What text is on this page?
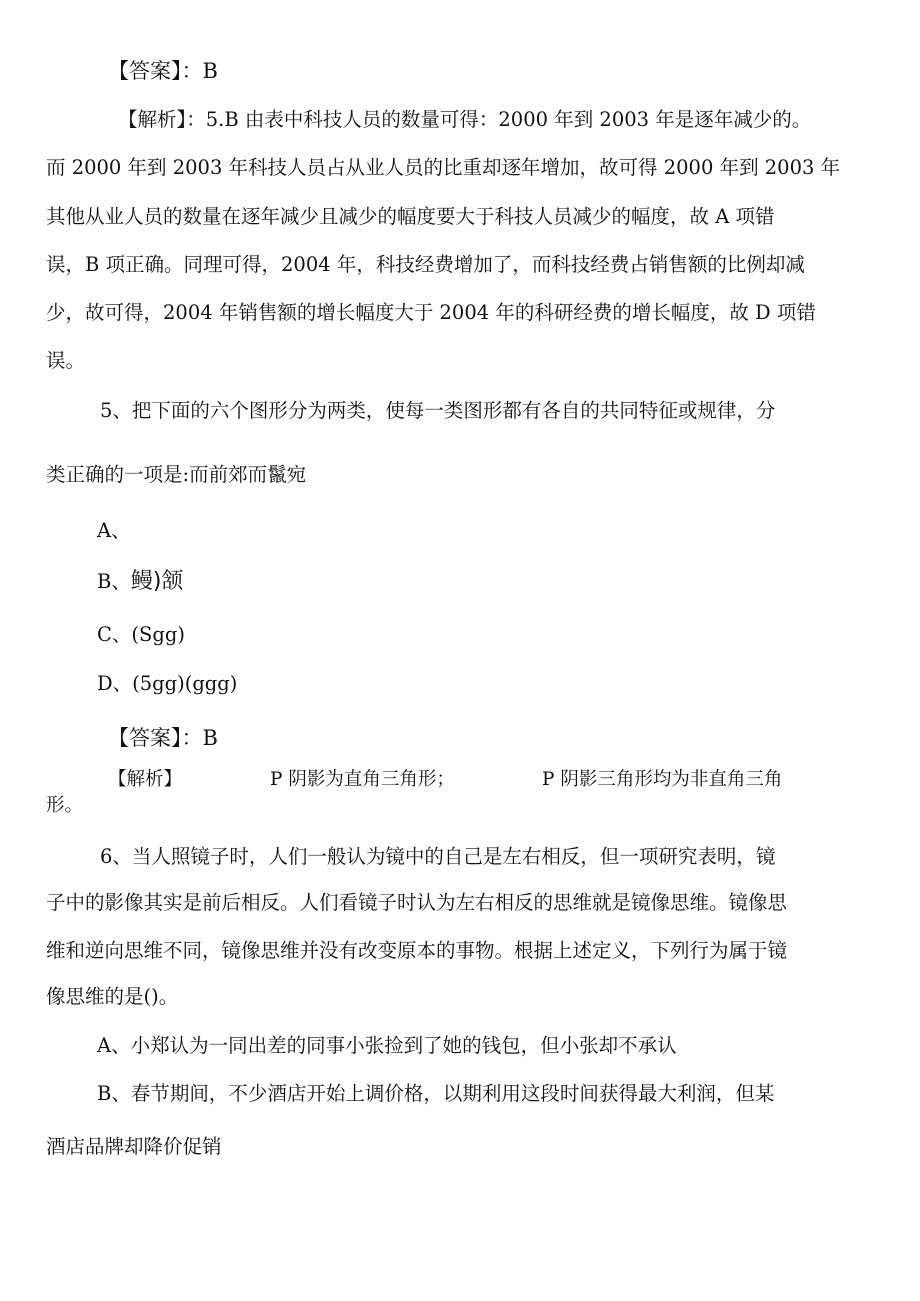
【答案】：B
【解析】：5.B 由表中科技人员的数量可得：2000 年到 2003 年是逐年减少的。

而 2000 年到 2003 年科技人员占从业人员的比重却逐年增加，故可得 2000 年到 2003 年

其他从业人员的数量在逐年减少且减少的幅度要大于科技人员减少的幅度，故 A 项错

误，B 项正确。同理可得，2004 年，科技经费增加了，而科技经费占销售额的比例却减

少，故可得，2004 年销售额的增长幅度大于 2004 年的科研经费的增长幅度，故 D 项错

误。

5、把下面的六个图形分为两类，使每一类图形都有各自的共同特征或规律，分

类正确的一项是:而前郊而鬣宛

A、

B、鳗)颔

C、(Sgg)

D、(5gg)(ggg)

【答案】：B

【解析】	P 阴影为直角三角形；	P 阴影三角形均为非直角三角

形。

6、当人照镜子时，人们一般认为镜中的自己是左右相反，但一项研究表明，镜

子中的影像其实是前后相反。人们看镜子时认为左右相反的思维就是镜像思维。镜像思

维和逆向思维不同，镜像思维并没有改变原本的事物。根据上述定义，下列行为属于镜

像思维的是()。

A、小郑认为一同出差的同事小张捡到了她的钱包，但小张却不承认

B、春节期间，不少酒店开始上调价格，以期利用这段时间获得最大利润，但某

酒店品牌却降价促销
